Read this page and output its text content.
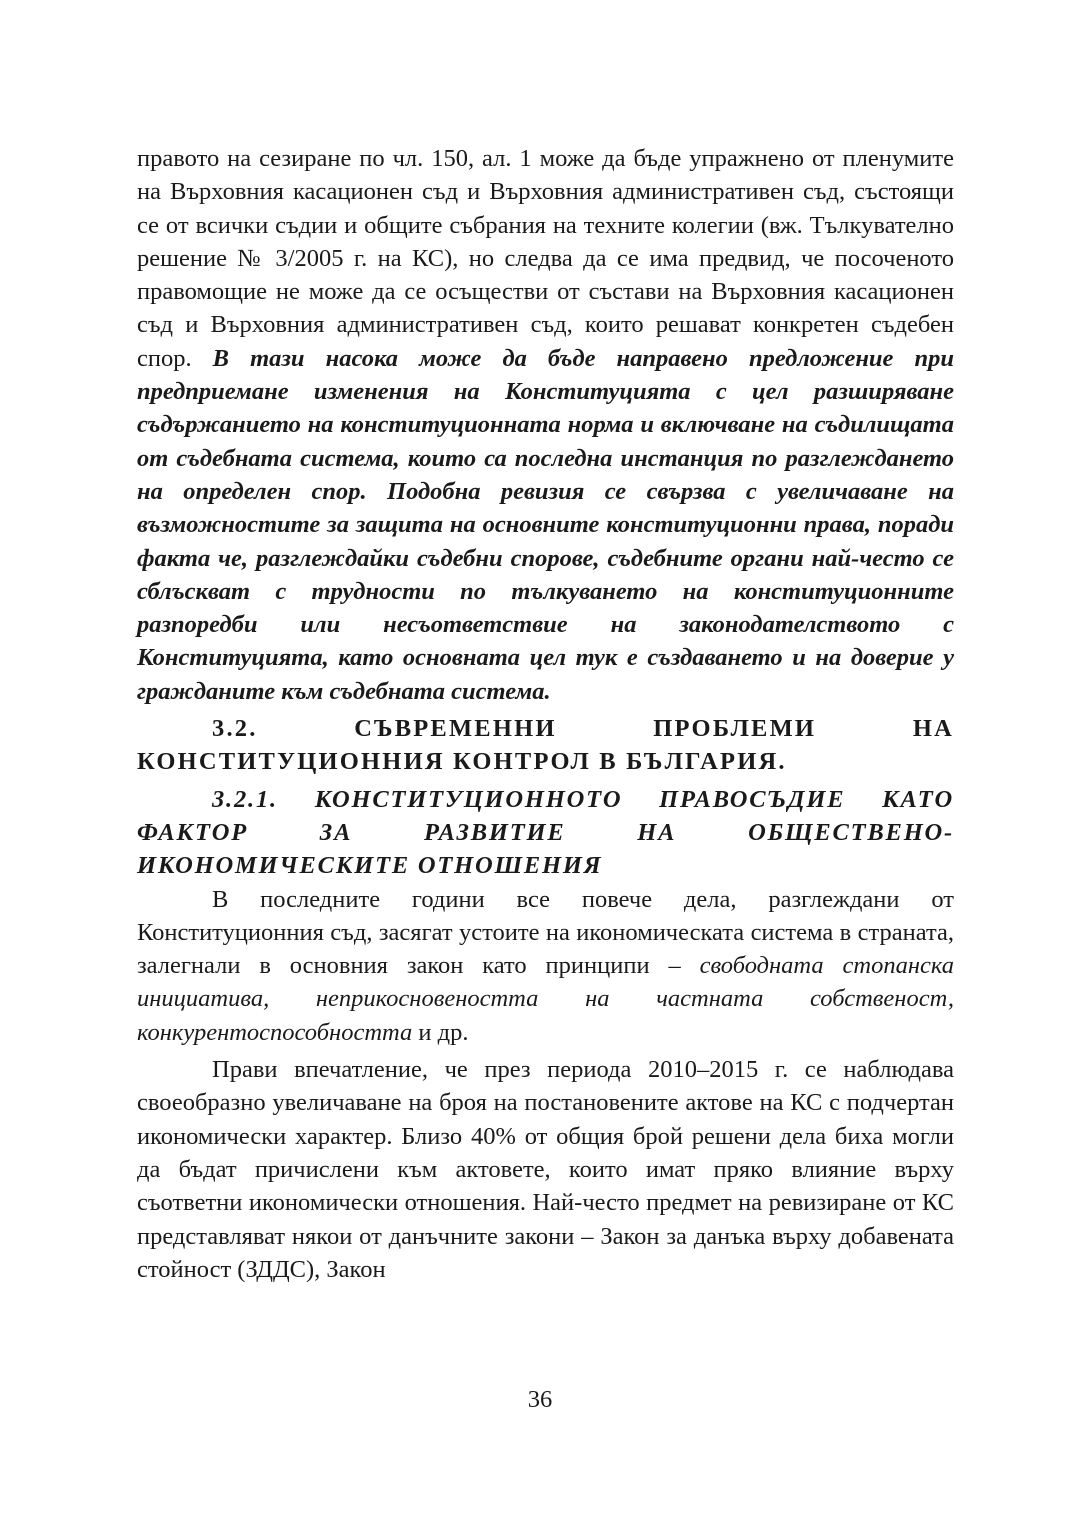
правото на сезиране по чл. 150, ал. 1 може да бъде упражнено от пленумите на Върховния касационен съд и Върховния административен съд, състоящи се от всички съдии и общите събрания на техните колегии (вж. Тълкувателно решение № 3/2005 г. на КС), но следва да се има предвид, че посоченото правомощие не може да се осъществи от състави на Върховния касационен съд и Върховния административен съд, които решават конкретен съдебен спор. В тази насока може да бъде направено предложение при предприемане изменения на Конституцията с цел разширяване съдържанието на конституционната норма и включване на съдилищата от съдебната система, които са последна инстанция по разглеждането на определен спор. Подобна ревизия се свързва с увеличаване на възможностите за защита на основните конституционни права, поради факта че, разглеждайки съдебни спорове, съдебните органи най-често се сблъскват с трудности по тълкуването на конституционните разпоредби или несъответствие на законодателството с Конституцията, като основната цел тук е създаването и на доверие у гражданите към съдебната система.

3.2. СЪВРЕМЕННИ ПРОБЛЕМИ НА КОНСТИТУЦИОННИЯ КОНТРОЛ В БЪЛГАРИЯ.

3.2.1. КОНСТИТУЦИОННОТО ПРАВОСЪДИЕ КАТО ФАКТОР ЗА РАЗВИТИЕ НА ОБЩЕСТВЕНО-ИКОНОМИЧЕСКИТЕ ОТНОШЕНИЯ

В последните години все повече дела, разглеждани от Конституционния съд, засягат устоите на икономическата система в страната, залегнали в основния закон като принципи – свободната стопанска инициатива, неприкосновеността на частната собственост, конкурентоспособността и др.

Прави впечатление, че през периода 2010–2015 г. се наблюдава своеобразно увеличаване на броя на постановените актове на КС с подчертан икономически характер. Близо 40% от общия брой решени дела биха могли да бъдат причислени към актовете, които имат пряко влияние върху съответни икономически отношения. Най-често предмет на ревизиране от КС представляват някои от данъчните закони – Закон за данъка върху добавената стойност (ЗДДС), Закон

36
